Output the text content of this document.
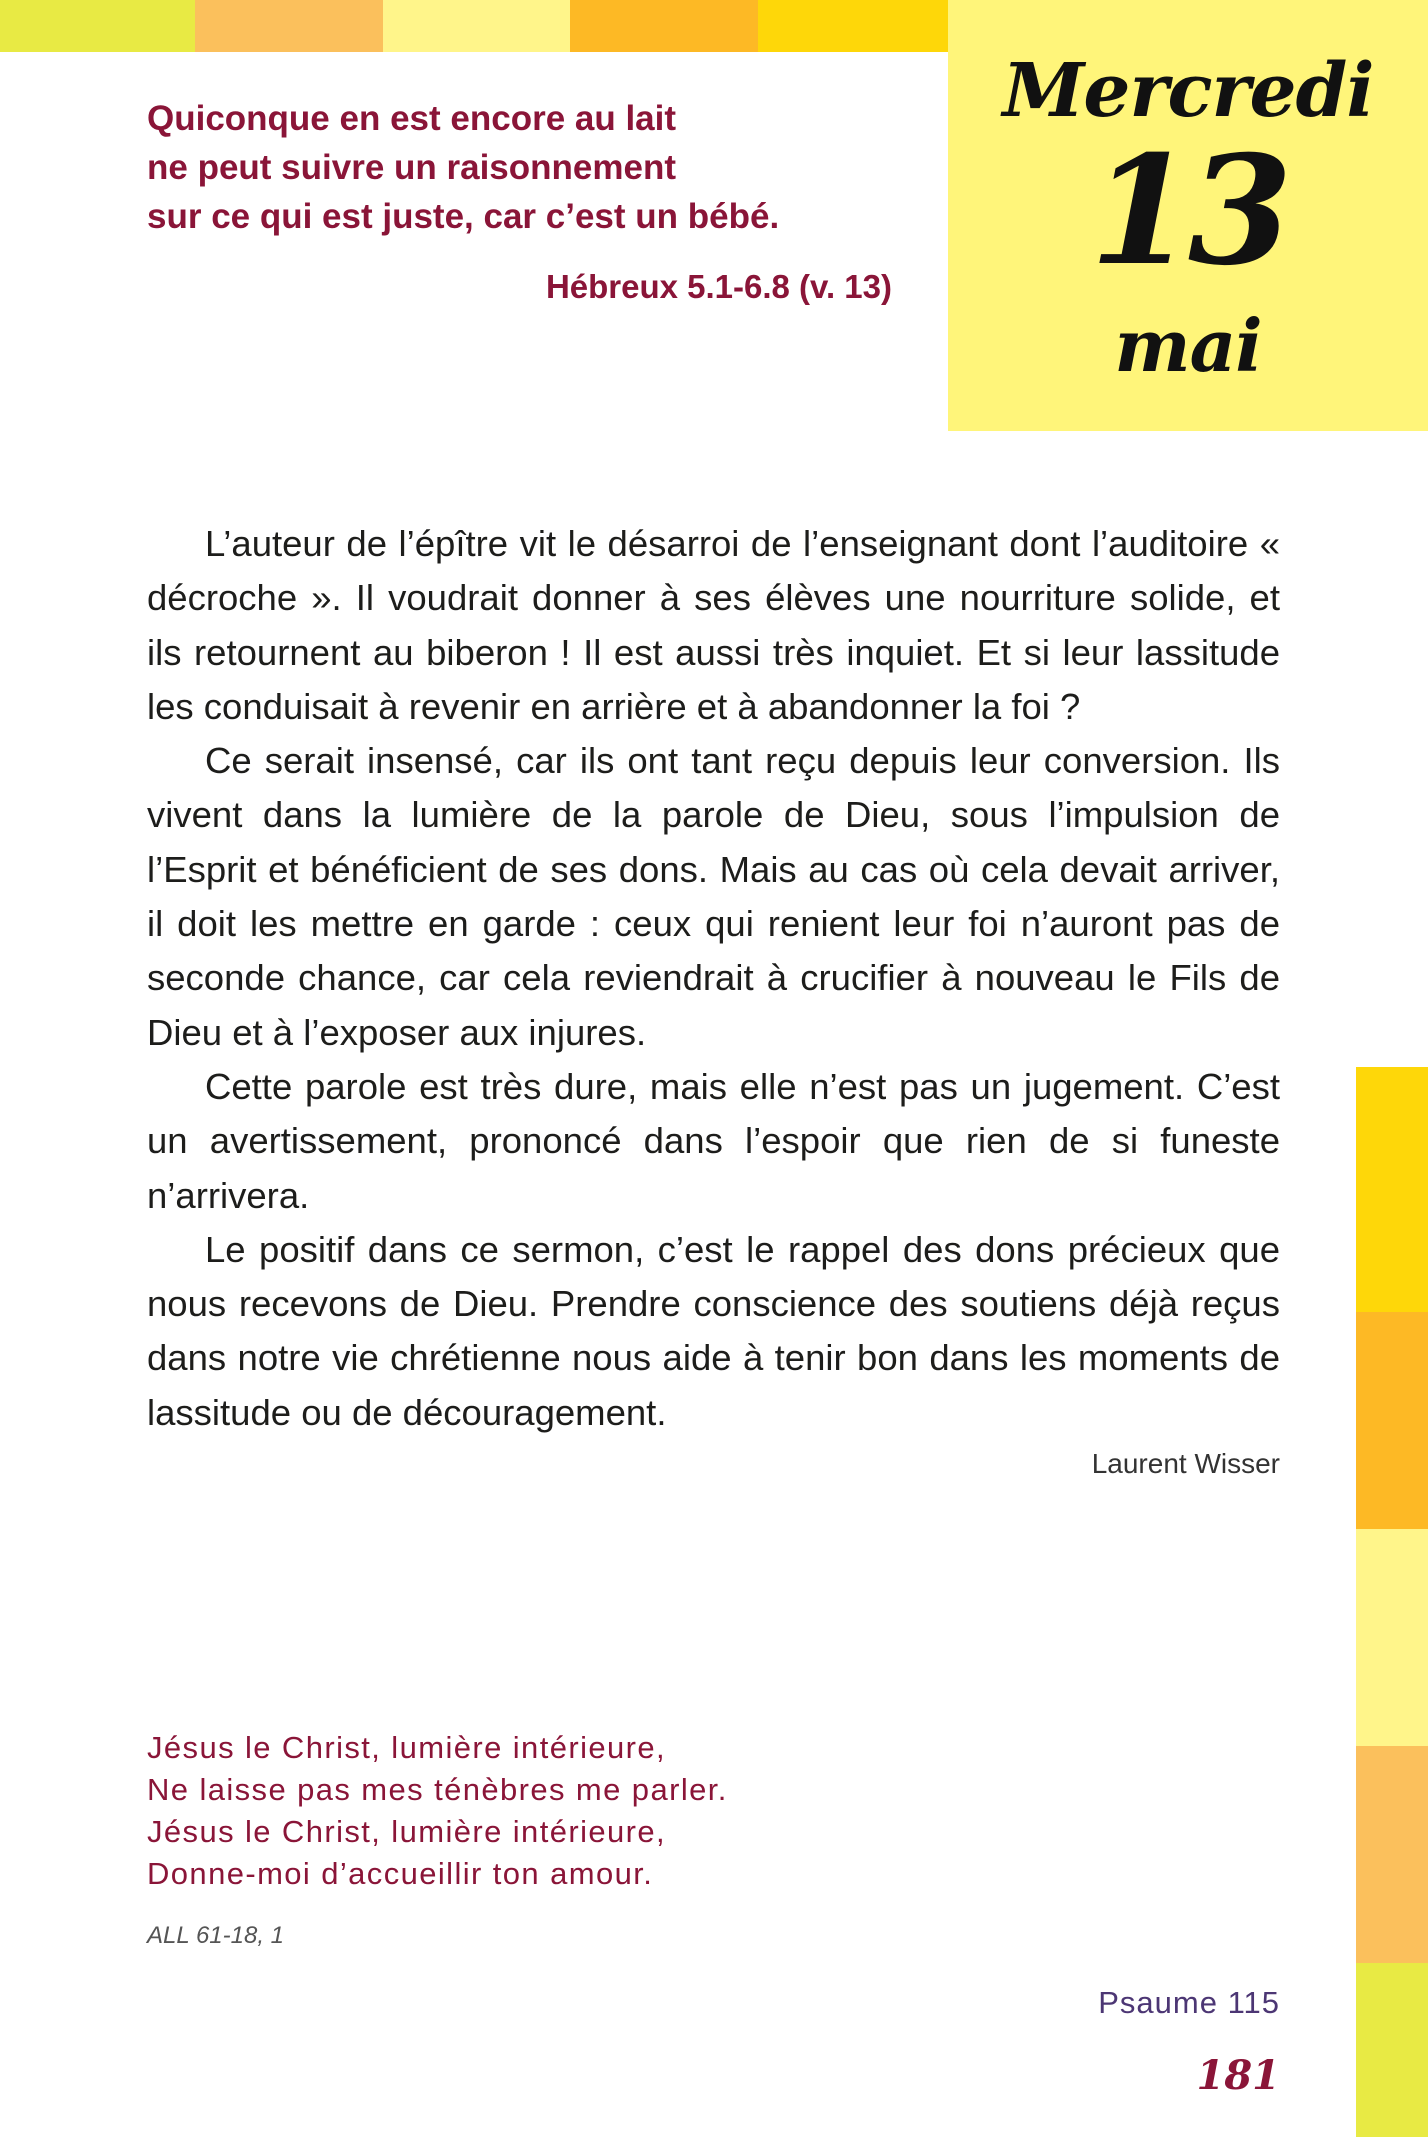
Mercredi

13

mai

Quiconque en est encore au lait
ne peut suivre un raisonnement
sur ce qui est juste, car c’est un bébé.

Hébreux 5.1-6.8 (v. 13)

L’auteur de l’épître vit le désarroi de l’enseignant dont l’auditoire « décroche ». Il voudrait donner à ses élèves une nourriture solide, et ils retournent au biberon ! Il est aussi très inquiet. Et si leur lassitude les conduisait à revenir en arrière et à abandonner la foi ?

Ce serait insensé, car ils ont tant reçu depuis leur conversion. Ils vivent dans la lumière de la parole de Dieu, sous l’impulsion de l’Esprit et bénéficient de ses dons. Mais au cas où cela devait arriver, il doit les mettre en garde : ceux qui renient leur foi n’auront pas de seconde chance, car cela reviendrait à crucifier à nouveau le Fils de Dieu et à l’exposer aux injures.

Cette parole est très dure, mais elle n’est pas un jugement. C’est un avertissement, prononcé dans l’espoir que rien de si funeste n’arrivera.

Le positif dans ce sermon, c’est le rappel des dons précieux que nous recevons de Dieu. Prendre conscience des soutiens déjà reçus dans notre vie chrétienne nous aide à tenir bon dans les moments de lassitude ou de découragement.

Laurent Wisser

Jésus le Christ, lumière intérieure,
Ne laisse pas mes ténèbres me parler.
Jésus le Christ, lumière intérieure,
Donne-moi d’accueillir ton amour.

ALL 61-18, 1

Psaume 115

181
